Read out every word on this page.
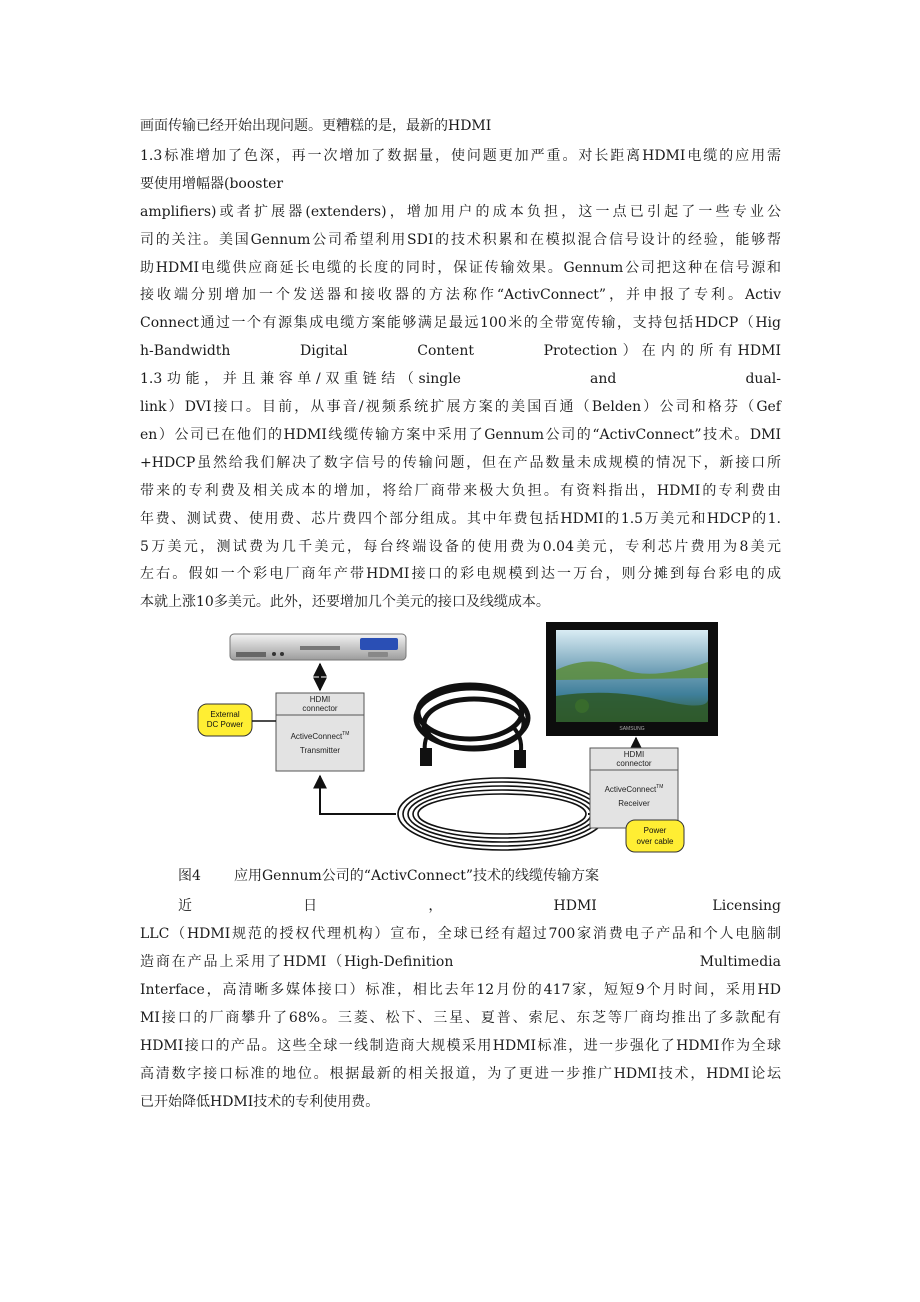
画面传输已经开始出现问题。更糟糕的是，最新的HDMI
1.3标准增加了色深，再一次增加了数据量，使问题更加严重。对长距离HDMI电缆的应用需
要使用增幅器(booster
amplifiers)或者扩展器(extenders)，增加用户的成本负担，这一点已引起了一些专业公
司的关注。美国Gennum公司希望利用SDI的技术积累和在模拟混合信号设计的经验，能够帮
助HDMI电缆供应商延长电缆的长度的同时，保证传输效果。Gennum公司把这种在信号源和
接收端分别增加一个发送器和接收器的方法称作“ActivConnect”，并申报了专利。Activ
Connect通过一个有源集成电缆方案能够满足最远100米的全带宽传输，支持包括HDCP（Hig
h-Bandwidth Digital Content Protection）在内的所有HDMI
1.3功能，并且兼容单/双重链结（single and dual-
link）DVI接口。目前，从事音/视频系统扩展方案的美国百通（Belden）公司和格芬（Gef
en）公司已在他们的HDMI线缆传输方案中采用了Gennum公司的“ActivConnect”技术。DMI
+HDCP虽然给我们解决了数字信号的传输问题，但在产品数量未成规模的情况下，新接口所
带来的专利费及相关成本的增加，将给厂商带来极大负担。有资料指出，HDMI的专利费由
年费、测试费、使用费、芯片费四个部分组成。其中年费包括HDMI的1.5万美元和HDCP的1.
5万美元，测试费为几千美元，每台终端设备的使用费为0.04美元，专利芯片费用为8美元
左右。假如一个彩电厂商年产带HDMI接口的彩电规模到达一万台，则分摊到每台彩电的成
本就上涨10多美元。此外，还要增加几个美元的接口及线缆成本。
HDMI
connector
ActiveConnect™
Transmitter
External
DC Power	SAMSUNG
HDMI
connector
ActiveConnect™
Receiver
Power
over cable
图4 应用Gennum公司的“ActivConnect”技术的线缆传输方案
近日，HDMI Licensing
LLC（HDMI规范的授权代理机构）宣布，全球已经有超过700家消费电子产品和个人电脑制
造商在产品上采用了HDMI（High-Definition Multimedia
Interface，高清晰多媒体接口）标准，相比去年12月份的417家，短短9个月时间，采用HD
MI接口的厂商攀升了68%。三菱、松下、三星、夏普、索尼、东芝等厂商均推出了多款配有
HDMI接口的产品。这些全球一线制造商大规模采用HDMI标准，进一步强化了HDMI作为全球
高清数字接口标准的地位。根据最新的相关报道，为了更进一步推广HDMI技术，HDMI论坛
已开始降低HDMI技术的专利使用费。
